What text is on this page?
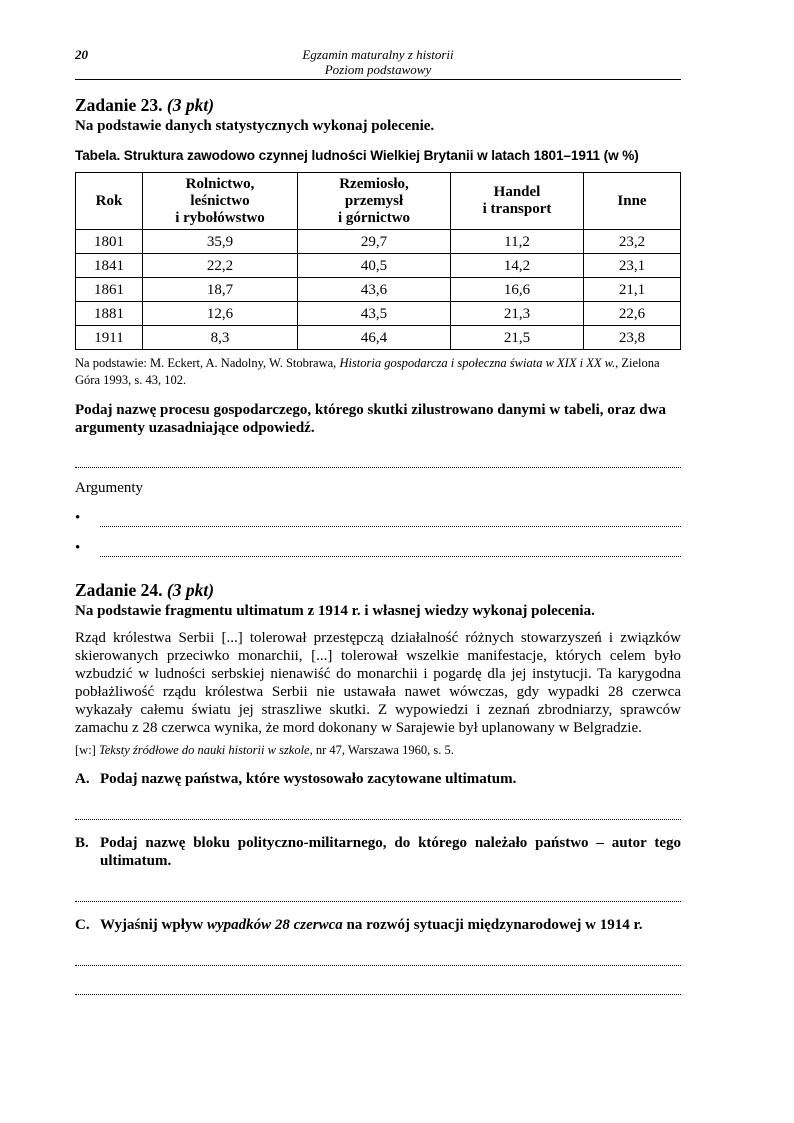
20	Egzamin maturalny z historii
Poziom podstawowy

Zadanie 23. (3 pkt)

Na podstawie danych statystycznych wykonaj polecenie.

Tabela. Struktura zawodowo czynnej ludności Wielkiej Brytanii w latach 1801–1911 (w %)
Rok	Rolnictwo,
leśnictwo
i rybołówstwo	Rzemiosło,
przemysł
i górnictwo	Handel
i transport	Inne
1801	35,9	29,7	11,2	23,2
1841	22,2	40,5	14,2	23,1
1861	18,7	43,6	16,6	21,1
1881	12,6	43,5	21,3	22,6
1911	8,3	46,4	21,5	23,8
Na podstawie: M. Eckert, A. Nadolny, W. Stobrawa, Historia gospodarcza i społeczna świata w XIX i XX w., Zielona Góra 1993, s. 43, 102.
Podaj nazwę procesu gospodarczego, którego skutki zilustrowano danymi w tabeli, oraz dwa argumenty uzasadniające odpowiedź.
Argumenty
•
•

Zadanie 24. (3 pkt)

Na podstawie fragmentu ultimatum z 1914 r. i własnej wiedzy wykonaj polecenia.

Rząd królestwa Serbii [...] tolerował przestępczą działalność różnych stowarzyszeń i związków skierowanych przeciwko monarchii, [...] tolerował wszelkie manifestacje, których celem było wzbudzić w ludności serbskiej nienawiść do monarchii i pogardę dla jej instytucji. Ta karygodna pobłażliwość rządu królestwa Serbii nie ustawała nawet wówczas, gdy wypadki 28 czerwca wykazały całemu światu jej straszliwe skutki. Z wypowiedzi i zeznań zbrodniarzy, sprawców zamachu z 28 czerwca wynika, że mord dokonany w Sarajewie był uplanowany w Belgradzie.
[w:] Teksty źródłowe do nauki historii w szkole, nr 47, Warszawa 1960, s. 5.
A. Podaj nazwę państwa, które wystosowało zacytowane ultimatum.
B. Podaj nazwę bloku polityczno-militarnego, do którego należało państwo – autor tego ultimatum.
C. Wyjaśnij wpływ wypadków 28 czerwca na rozwój sytuacji międzynarodowej w 1914 r.
